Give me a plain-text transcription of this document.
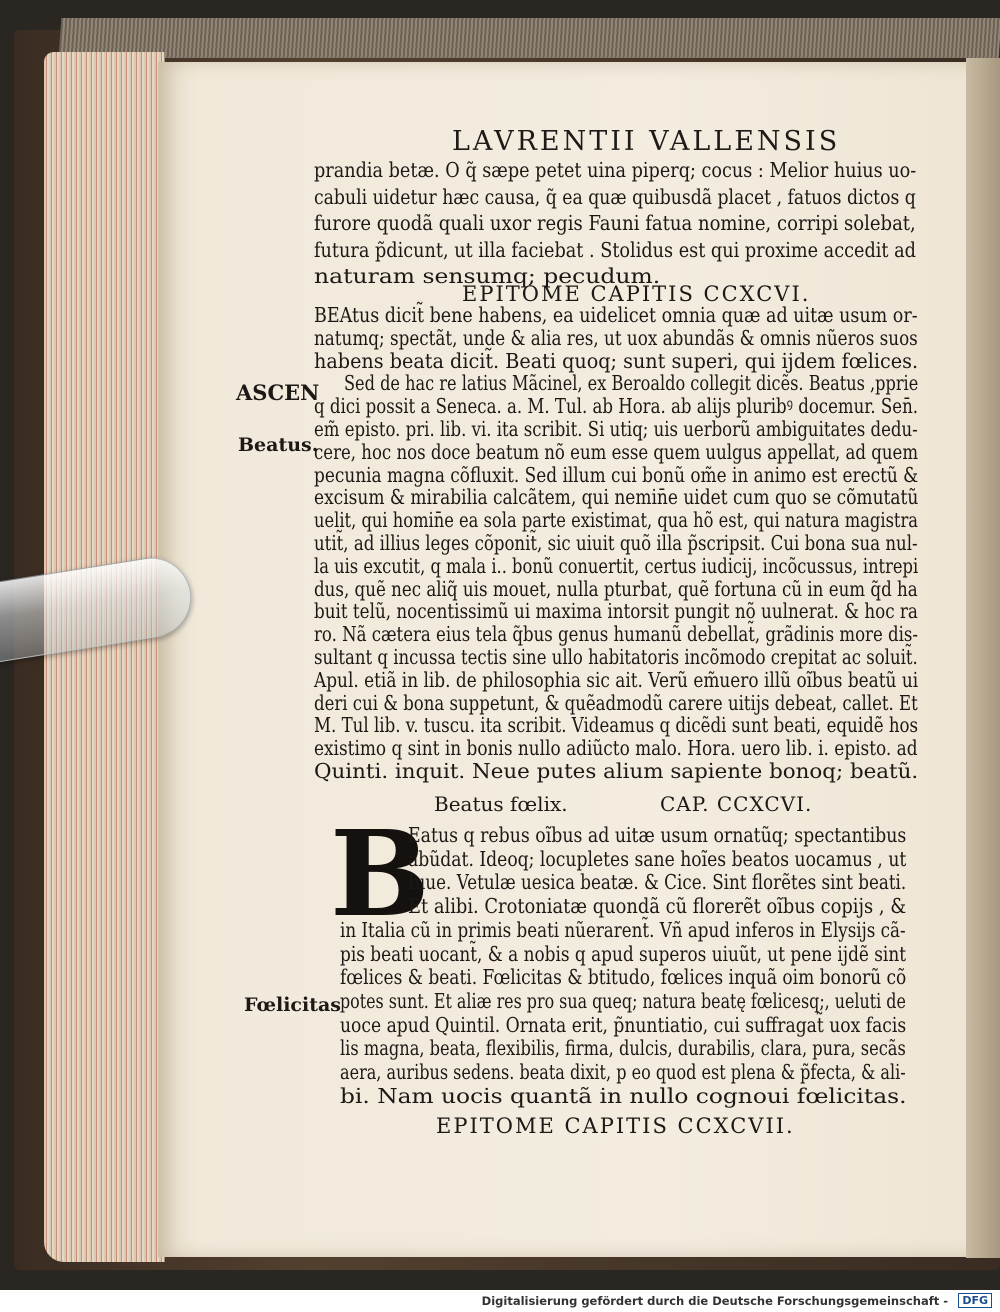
LAVRENTII VALLENSIS
prandia betæ. O q̃ sæpe petet uina piperq; cocus : Melior huius uo-
cabuli uidetur hæc causa, q̃ ea quæ quibusdã placet , fatuos dictos q
furore quodã quali uxor regis Fauni fatua nomine, corripi solebat,
futura p̃dicunt, ut illa faciebat . Stolidus est qui proxime accedit ad
naturam sensumq; pecudum.
EPITOME CAPITIS CCXCVI.
BEAtus dicit̃ bene habens, ea uidelicet omnia quæ ad uitæ usum or-
natumq; spectãt, unde & alia res, ut uox abundãs & omnis nũeros suos
habens beata dicit̃. Beati quoq; sunt superi, qui ijdem fœlices.
Sed de hac re latius Mãcinel, ex Beroaldo collegit dicẽs. Beatus ,pprie
q dici possit a Seneca. a. M. Tul. ab Hora. ab alijs pluribꝰ docemur. Sen̄.
em̃ episto. pri. lib. vi. ita scribit. Si utiq; uis uerborũ ambiguitates dedu-
cere, hoc nos doce beatum nõ eum esse quem uulgus appellat, ad quem
pecunia magna cõfluxit. Sed illum cui bonũ om̃e in animo est erectũ &
excisum & mirabilia calcãtem, qui nemin̄e uidet cum quo se cõmutatũ
uelit, qui homin̄e ea sola parte existimat, qua hõ est, qui natura magistra
utit̃, ad illius leges cõponit̃, sic uiuit quõ illa p̃scripsit. Cui bona sua nul-
la uis excutit, q mala i.. bonũ conuertit, certus iudicij, incõcussus, intrepi
dus, quẽ nec aliq̃ uis mouet, nulla pturbat, quẽ fortuna cũ in eum q̃d ha
buit telũ, nocentissimũ ui maxima intorsit pungit nõ uulnerat. & hoc ra
ro. Nã cætera eius tela q̃bus genus humanũ debellat̃, grãdinis more dis-
sultant q incussa tectis sine ullo habitatoris incõmodo crepitat ac soluit̃.
Apul. etiã in lib. de philosophia sic ait. Verũ em̃uero illũ oĩbus beatũ ui
deri cui & bona suppetunt, & quẽadmodũ carere uitijs debeat, callet. Et
M. Tul lib. v. tuscu. ita scribit. Videamus q dicẽdi sunt beati, equidẽ hos
existimo q sint in bonis nullo adiũcto malo. Hora. uero lib. i. episto. ad
Quinti. inquit. Neue putes alium sapiente bonoq; beatũ.
ASCEN
Beatus.
Beatus fœlix.	CAP. CCXCVI.
B
Eatus q rebus oĩbus ad uitæ usum ornatũq; spectantibus
abũdat. Ideoq; locupletes sane hoĩes beatos uocamus , ut
Iuue. Vetulæ uesica beatæ. & Cice. Sint florẽtes sint beati.
Et alibi. Crotoniatæ quondã cũ florerẽt oĩbus copijs , &
in Italia cũ in primis beati nũerarent̃. Vñ apud inferos in Elysijs cã-
pis beati uocant̃, & a nobis q apud superos uiuũt, ut pene ijdẽ sint
fœlices & beati. Fœlicitas & btitudo, fœlices inquã oim bonorũ cõ
potes sunt. Et aliæ res pro sua queq; natura beatę fœlicesq;, ueluti de
uoce apud Quintil. Ornata erit, p̃nuntiatio, cui suffragat̃ uox facis
lis magna, beata, flexibilis, firma, dulcis, durabilis, clara, pura, secãs
aera, auribus sedens. beata dixit, p eo quod est plena & p̃fecta, & ali-
bi. Nam uocis quantã in nullo cognoui fœlicitas.
Fœlicitas
EPITOME CAPITIS CCXCVII.
Digitalisierung gefördert durch die Deutsche Forschungsgemeinschaft -	DFG
